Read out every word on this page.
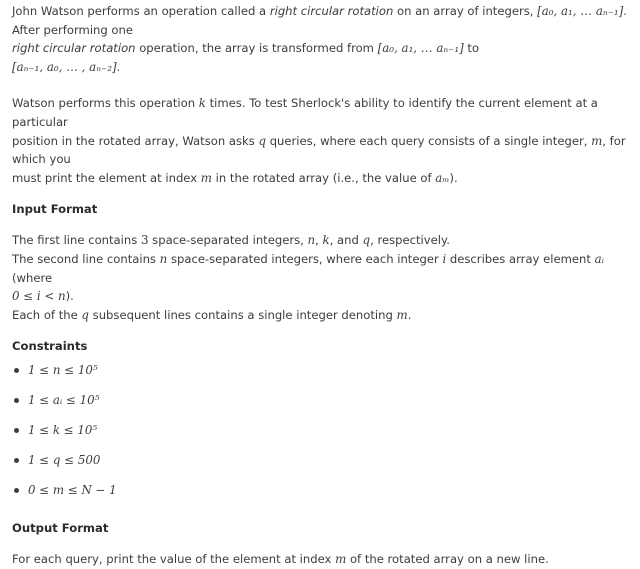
John Watson performs an operation called a right circular rotation on an array of integers, [a₀, a₁, … aₙ₋₁]. After performing one
right circular rotation operation, the array is transformed from [a₀, a₁, … aₙ₋₁] to
[aₙ₋₁, a₀, … , aₙ₋₂].

Watson performs this operation k times. To test Sherlock's ability to identify the current element at a particular
position in the rotated array, Watson asks q queries, where each query consists of a single integer, m, for which you
must print the element at index m in the rotated array (i.e., the value of aₘ).

Input Format

The first line contains 3 space-separated integers, n, k, and q, respectively.
The second line contains n space-separated integers, where each integer i describes array element aᵢ (where
0 ≤ i < n).
Each of the q subsequent lines contains a single integer denoting m.

Constraints
1 ≤ n ≤ 10⁵
1 ≤ aᵢ ≤ 10⁵
1 ≤ k ≤ 10⁵
1 ≤ q ≤ 500
0 ≤ m ≤ N − 1
Output Format

For each query, print the value of the element at index m of the rotated array on a new line.
